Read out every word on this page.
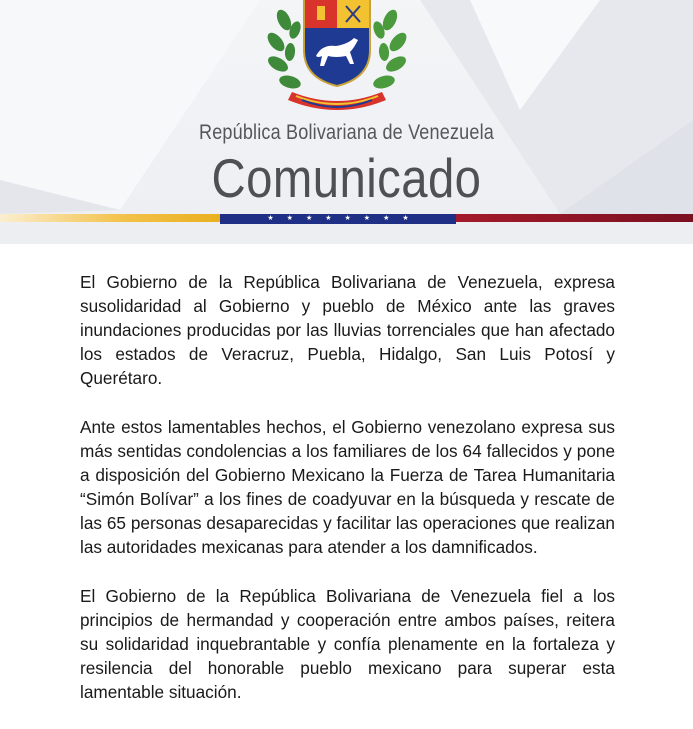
República Bolivariana de Venezuela
Comunicado
★ ★ ★ ★ ★ ★ ★ ★

El Gobierno de la República Bolivariana de Venezuela, expresa susolidaridad al Gobierno y pueblo de México ante las graves inundaciones producidas por las lluvias torrenciales que han afectado los estados de Veracruz, Puebla, Hidalgo, San Luis Potosí y Querétaro.

Ante estos lamentables hechos, el Gobierno venezolano expresa sus más sentidas condolencias a los familiares de los 64 fallecidos y pone a disposición del Gobierno Mexicano la Fuerza de Tarea Humanitaria “Simón Bolívar” a los fines de coadyuvar en la búsqueda y rescate de las 65 personas desaparecidas y facilitar las operaciones que realizan las autoridades mexicanas para atender a los damnificados.

El Gobierno de la República Bolivariana de Venezuela fiel a los principios de hermandad y cooperación entre ambos países, reitera su solidaridad inquebrantable y confía plenamente en la fortaleza y resilencia del honorable pueblo mexicano para superar esta lamentable situación.
